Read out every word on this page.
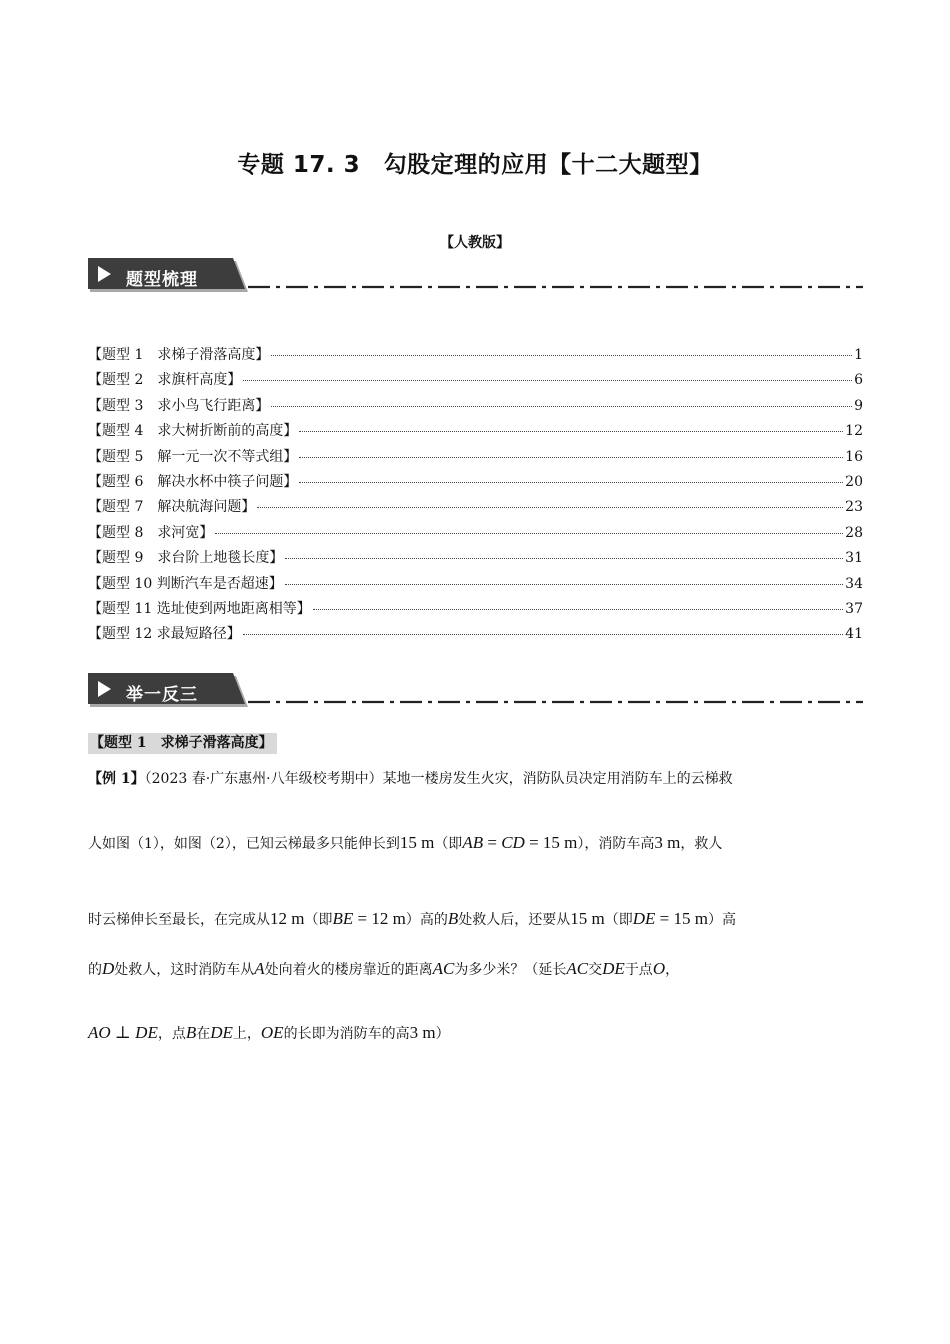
专题 17. 3　勾股定理的应用【十二大题型】
【人教版】
题型梳理
【题型 1　求梯子滑落高度】	1
【题型 2　求旗杆高度】	6
【题型 3　求小鸟飞行距离】	9
【题型 4　求大树折断前的高度】	12
【题型 5　解一元一次不等式组】	16
【题型 6　解决水杯中筷子问题】	20
【题型 7　解决航海问题】	23
【题型 8　求河宽】	28
【题型 9　求台阶上地毯长度】	31
【题型 10 判断汽车是否超速】	34
【题型 11 选址使到两地距离相等】	37
【题型 12 求最短路径】	41
举一反三
【题型 1　求梯子滑落高度】
【例 1】（2023 春·广东惠州·八年级校考期中）某地一楼房发生火灾，消防队员决定用消防车上的云梯救
人如图（1），如图（2），已知云梯最多只能伸长到15 m（即AB = CD = 15 m），消防车高3 m，救人
时云梯伸长至最长，在完成从12 m（即BE = 12 m）高的B处救人后，还要从15 m（即DE = 15 m）高
的D处救人，这时消防车从A处向着火的楼房靠近的距离AC为多少米？（延长AC交DE于点O，
AO ⊥ DE，点B在DE上，OE的长即为消防车的高3 m）
